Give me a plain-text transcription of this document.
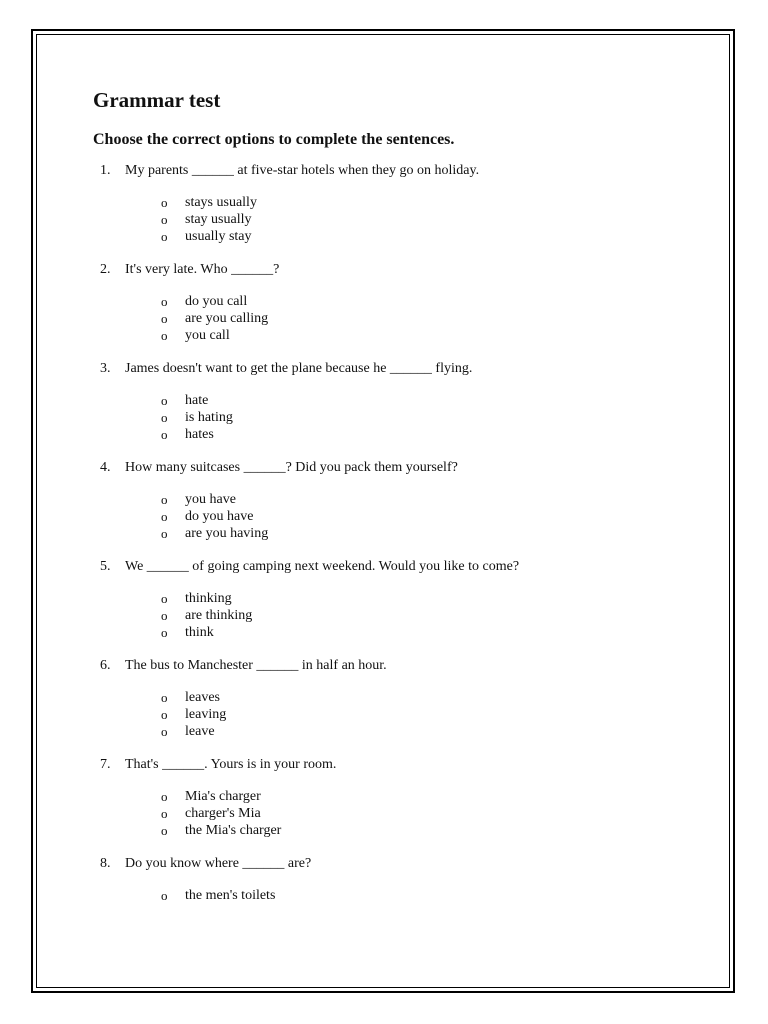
Grammar test

Choose the correct options to complete the sentences.

1. My parents ______ at five-star hotels when they go on holiday.
o stays usually
o stay usually
o usually stay
2. It's very late. Who ______?
o do you call
o are you calling
o you call
3. James doesn't want to get the plane because he ______ flying.
o hate
o is hating
o hates
4. How many suitcases ______? Did you pack them yourself?
o you have
o do you have
o are you having
5. We ______ of going camping next weekend. Would you like to come?
o thinking
o are thinking
o think
6. The bus to Manchester ______ in half an hour.
o leaves
o leaving
o leave
7. That's ______. Yours is in your room.
o Mia's charger
o charger's Mia
o the Mia's charger
8. Do you know where ______ are?
o the men's toilets
